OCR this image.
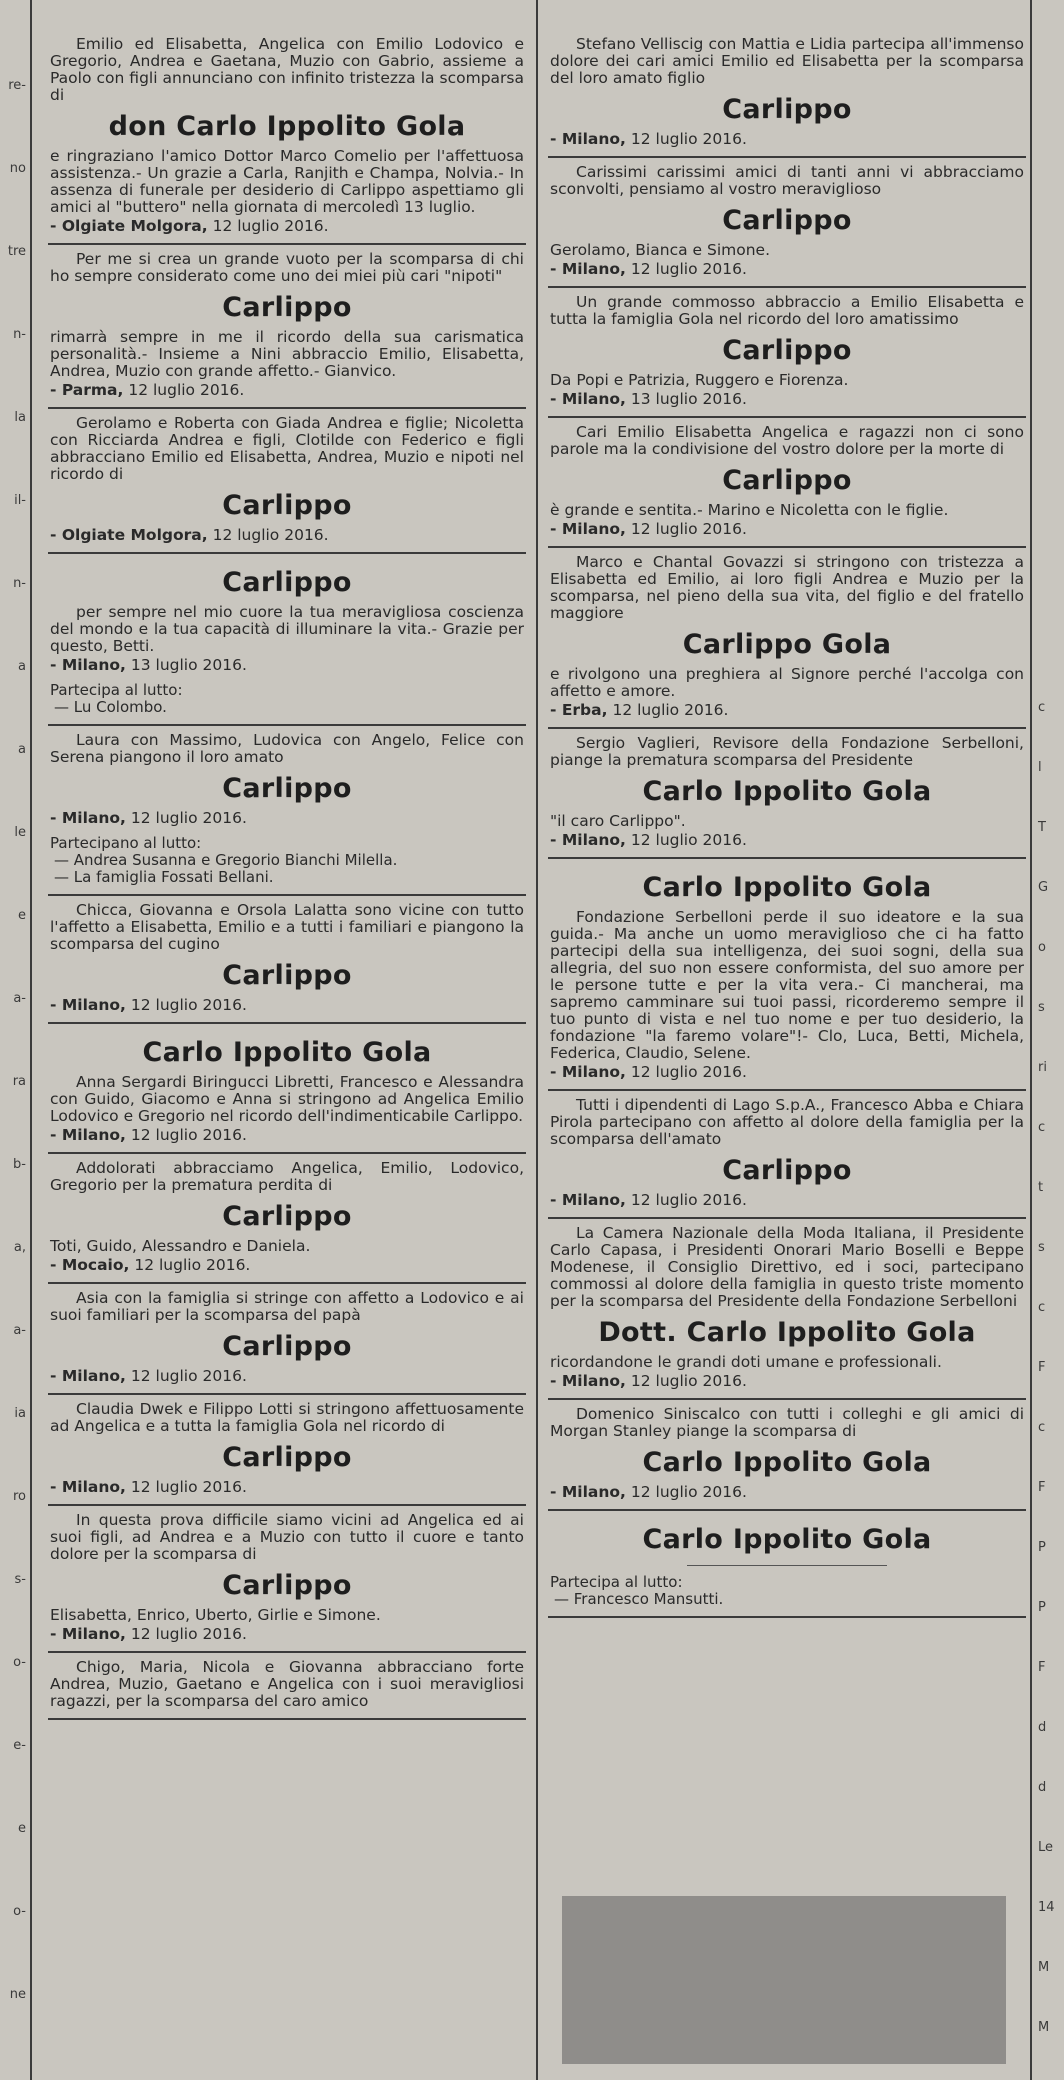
re-
no
tre
n-
la
il-
n-
a
a
le
e
a-
ra
b-
a,
a-
ia
ro
s-
o-
e-
e
o-
ne

Emilio ed Elisabetta, Angelica con Emilio Lodovico e Gregorio, Andrea e Gaetana, Muzio con Gabrio, assieme a Paolo con figli annunciano con infinito tristezza la scomparsa di

don Carlo Ippolito Gola

e ringraziano l'amico Dottor Marco Comelio per l'affettuosa assistenza.- Un grazie a Carla, Ranjith e Champa, Nolvia.- In assenza di funerale per desiderio di Carlippo aspettiamo gli amici al "buttero" nella giornata di mercoledì 13 luglio.

- Olgiate Molgora, 12 luglio 2016.

Per me si crea un grande vuoto per la scomparsa di chi ho sempre considerato come uno dei miei più cari "nipoti"

Carlippo

rimarrà sempre in me il ricordo della sua carismatica personalità.- Insieme a Nini abbraccio Emilio, Elisabetta, Andrea, Muzio con grande affetto.- Gianvico.

- Parma, 12 luglio 2016.

Gerolamo e Roberta con Giada Andrea e figlie; Nicoletta con Ricciarda Andrea e figli, Clotilde con Federico e figli abbracciano Emilio ed Elisabetta, Andrea, Muzio e nipoti nel ricordo di

Carlippo

- Olgiate Molgora, 12 luglio 2016.

Carlippo

per sempre nel mio cuore la tua meravigliosa coscienza del mondo e la tua capacità di illuminare la vita.- Grazie per questo, Betti.

- Milano, 13 luglio 2016.

Partecipa al lutto:
— Lu Colombo.

Laura con Massimo, Ludovica con Angelo, Felice con Serena piangono il loro amato

Carlippo

- Milano, 12 luglio 2016.

Partecipano al lutto:
— Andrea Susanna e Gregorio Bianchi Milella.
— La famiglia Fossati Bellani.

Chicca, Giovanna e Orsola Lalatta sono vicine con tutto l'affetto a Elisabetta, Emilio e a tutti i familiari e piangono la scomparsa del cugino

Carlippo

- Milano, 12 luglio 2016.

Carlo Ippolito Gola

Anna Sergardi Biringucci Libretti, Francesco e Alessandra con Guido, Giacomo e Anna si stringono ad Angelica Emilio Lodovico e Gregorio nel ricordo dell'indimenticabile Carlippo.

- Milano, 12 luglio 2016.

Addolorati abbracciamo Angelica, Emilio, Lodovico, Gregorio per la prematura perdita di

Carlippo

Toti, Guido, Alessandro e Daniela.

- Mocaio, 12 luglio 2016.

Asia con la famiglia si stringe con affetto a Lodovico e ai suoi familiari per la scomparsa del papà

Carlippo

- Milano, 12 luglio 2016.

Claudia Dwek e Filippo Lotti si stringono affettuosamente ad Angelica e a tutta la famiglia Gola nel ricordo di

Carlippo

- Milano, 12 luglio 2016.

In questa prova difficile siamo vicini ad Angelica ed ai suoi figli, ad Andrea e a Muzio con tutto il cuore e tanto dolore per la scomparsa di

Carlippo

Elisabetta, Enrico, Uberto, Girlie e Simone.

- Milano, 12 luglio 2016.

Chigo, Maria, Nicola e Giovanna abbracciano forte Andrea, Muzio, Gaetano e Angelica con i suoi meravigliosi ragazzi, per la scomparsa del caro amico

Stefano Velliscig con Mattia e Lidia partecipa all'immenso dolore dei cari amici Emilio ed Elisabetta per la scomparsa del loro amato figlio

Carlippo

- Milano, 12 luglio 2016.

Carissimi carissimi amici di tanti anni vi abbracciamo sconvolti, pensiamo al vostro meraviglioso

Carlippo

Gerolamo, Bianca e Simone.

- Milano, 12 luglio 2016.

Un grande commosso abbraccio a Emilio Elisabetta e tutta la famiglia Gola nel ricordo del loro amatissimo

Carlippo

Da Popi e Patrizia, Ruggero e Fiorenza.

- Milano, 13 luglio 2016.

Cari Emilio Elisabetta Angelica e ragazzi non ci sono parole ma la condivisione del vostro dolore per la morte di

Carlippo

è grande e sentita.- Marino e Nicoletta con le figlie.

- Milano, 12 luglio 2016.

Marco e Chantal Govazzi si stringono con tristezza a Elisabetta ed Emilio, ai loro figli Andrea e Muzio per la scomparsa, nel pieno della sua vita, del figlio e del fratello maggiore

Carlippo Gola

e rivolgono una preghiera al Signore perché l'accolga con affetto e amore.

- Erba, 12 luglio 2016.

Sergio Vaglieri, Revisore della Fondazione Serbelloni, piange la prematura scomparsa del Presidente

Carlo Ippolito Gola

"il caro Carlippo".

- Milano, 12 luglio 2016.

Carlo Ippolito Gola

Fondazione Serbelloni perde il suo ideatore e la sua guida.- Ma anche un uomo meraviglioso che ci ha fatto partecipi della sua intelligenza, dei suoi sogni, della sua allegria, del suo non essere conformista, del suo amore per le persone tutte e per la vita vera.- Ci mancherai, ma sapremo camminare sui tuoi passi, ricorderemo sempre il tuo punto di vista e nel tuo nome e per tuo desiderio, la fondazione "la faremo volare"!- Clo, Luca, Betti, Michela, Federica, Claudio, Selene.

- Milano, 12 luglio 2016.

Tutti i dipendenti di Lago S.p.A., Francesco Abba e Chiara Pirola partecipano con affetto al dolore della famiglia per la scomparsa dell'amato

Carlippo

- Milano, 12 luglio 2016.

La Camera Nazionale della Moda Italiana, il Presidente Carlo Capasa, i Presidenti Onorari Mario Boselli e Beppe Modenese, il Consiglio Direttivo, ed i soci, partecipano commossi al dolore della famiglia in questo triste momento per la scomparsa del Presidente della Fondazione Serbelloni

Dott. Carlo Ippolito Gola

ricordandone le grandi doti umane e professionali.

- Milano, 12 luglio 2016.

Domenico Siniscalco con tutti i colleghi e gli amici di Morgan Stanley piange la scomparsa di

Carlo Ippolito Gola

- Milano, 12 luglio 2016.

Carlo Ippolito Gola
Partecipa al lutto:
— Francesco Mansutti.
c
l
T
G
o
s
ri
c
t
s
c
F
c
F
P
P
F
d
d
Le
14
M
M
